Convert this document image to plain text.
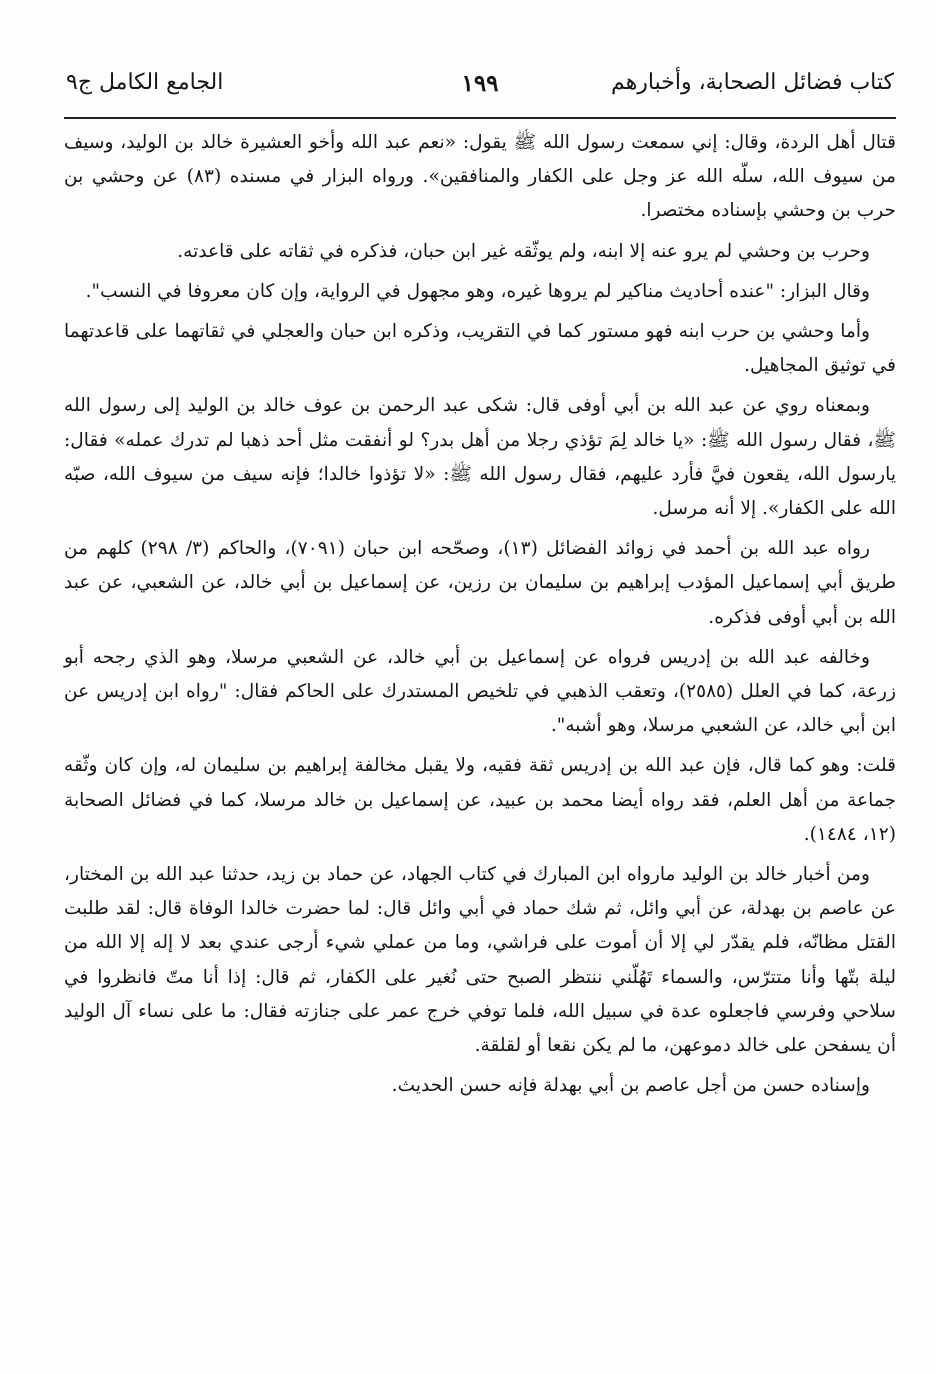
كتاب فضائل الصحابة، وأخبارهم
١٩٩
الجامع الكامل ج٩

قتال أهل الردة، وقال: إني سمعت رسول الله ﷺ يقول: «نعم عبد الله وأخو العشيرة خالد بن الوليد، وسيف من سيوف الله، سلّه الله عز وجل على الكفار والمنافقين». ورواه البزار في مسنده (٨٣) عن وحشي بن حرب بن وحشي بإسناده مختصرا.

وحرب بن وحشي لم يرو عنه إلا ابنه، ولم يوثّقه غير ابن حبان، فذكره في ثقاته على قاعدته.

وقال البزار: "عنده أحاديث مناكير لم يروها غيره، وهو مجهول في الرواية، وإن كان معروفا في النسب".

وأما وحشي بن حرب ابنه فهو مستور كما في التقريب، وذكره ابن حبان والعجلي في ثقاتهما على قاعدتهما في توثيق المجاهيل.

وبمعناه روي عن عبد الله بن أبي أوفى قال: شكى عبد الرحمن بن عوف خالد بن الوليد إلى رسول الله ﷺ، فقال رسول الله ﷺ: «يا خالد لِمَ تؤذي رجلا من أهل بدر؟ لو أنفقت مثل أحد ذهبا لم تدرك عمله» فقال: يارسول الله، يقعون فيَّ فأرد عليهم، فقال رسول الله ﷺ: «لا تؤذوا خالدا؛ فإنه سيف من سيوف الله، صبّه الله على الكفار». إلا أنه مرسل.

رواه عبد الله بن أحمد في زوائد الفضائل (١٣)، وصحّحه ابن حبان (٧٠٩١)، والحاكم (٣/ ٢٩٨) كلهم من طريق أبي إسماعيل المؤدب إبراهيم بن سليمان بن رزين، عن إسماعيل بن أبي خالد، عن الشعبي، عن عبد الله بن أبي أوفى فذكره.

وخالفه عبد الله بن إدريس فرواه عن إسماعيل بن أبي خالد، عن الشعبي مرسلا، وهو الذي رجحه أبو زرعة، كما في العلل (٢٥٨٥)، وتعقب الذهبي في تلخيص المستدرك على الحاكم فقال: "رواه ابن إدريس عن ابن أبي خالد، عن الشعبي مرسلا، وهو أشبه".

قلت: وهو كما قال، فإن عبد الله بن إدريس ثقة فقيه، ولا يقبل مخالفة إبراهيم بن سليمان له، وإن كان وثّقه جماعة من أهل العلم، فقد رواه أيضا محمد بن عبيد، عن إسماعيل بن خالد مرسلا، كما في فضائل الصحابة (١٢، ١٤٨٤).

ومن أخبار خالد بن الوليد مارواه ابن المبارك في كتاب الجهاد، عن حماد بن زيد، حدثنا عبد الله بن المختار، عن عاصم بن بهدلة، عن أبي وائل، ثم شك حماد في أبي وائل قال: لما حضرت خالدا الوفاة قال: لقد طلبت القتل مظانّه، فلم يقدّر لي إلا أن أموت على فراشي، وما من عملي شيء أرجى عندي بعد لا إله إلا الله من ليلة بتّها وأنا متترّس، والسماء تَهُلّني ننتظر الصبح حتى نُغير على الكفار، ثم قال: إذا أنا متّ فانظروا في سلاحي وفرسي فاجعلوه عدة في سبيل الله، فلما توفي خرج عمر على جنازته فقال: ما على نساء آل الوليد أن يسفحن على خالد دموعهن، ما لم يكن نقعا أو لقلقة.

وإسناده حسن من أجل عاصم بن أبي بهدلة فإنه حسن الحديث.
